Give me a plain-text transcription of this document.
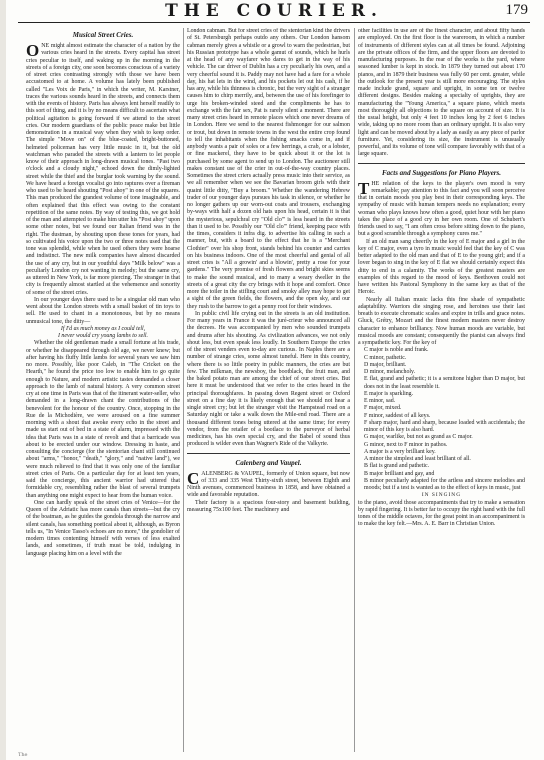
THE COURIER.	179
Musical Street Cries.

ONE might almost estimate the character of a nation by the various cries heard in the streets. Every capital has street cries peculiar to itself, and waking up in the morning in the streets of a foreign city, one soon becomes conscious of a variety of street cries contrasting strongly with those we have been accustomed to at home. A volume has lately been published called "Les Voix de Paris," in which the writer, M. Karstner, traces the various sounds heard in the streets, and connects them with the events of history. Paris has always lent herself readily to this sort of thing, and it is by no means difficult to ascertain what political agitation is going forward if we attend to the street cries. Our modern guardians of the public peace make but little demonstration in a musical way when they wish to keep order. The simple "Move on" of the blue-coated, bright-buttoned, helmeted policeman has very little music in it, but the old watchman who paraded the streets with a lantern to let people know of their approach in long-drawn musical tones. "Past two o'clock and a cloudy night," echoed down the dimly-lighted street while the thief and the burglar took warning by the sound. We have heard a foreign vocalist go into raptures over a fireman who used to be heard shouting "Post ahoy" in one of the squares. This man produced the grandest volume of tone imaginable, and often explained that this effect was owing to the constant repetition of the same notes. By way of testing this, we got hold of the man and attempted to make him utter his "Post ahoy" upon some other notes, but we found our Italian friend was in the right. The dustman, by shouting upon these tones for years, had so cultivated his voice upon the two or three notes used that the tone was splendid, while when he used others they were hoarse and indistinct. The new milk companies have almost discarded the use of any cry, but in our youthful days "Milk below" was a peculiarly London cry not wanting in melody; but the same cry, as uttered in New York, is far more piercing. The stranger in that city is frequently almost startled at the vehemence and sonority of some of the street cries.

In our younger days there used to be a singular old man who went about the London streets with a small basket of tin toys to sell. He used to chant in a monotonous, but by no means unmusical tone, the ditty—

If I'd as much money as I could tell,

I never would cry young lambs to sell.

Whether the old gentleman made a small fortune at his trade, or whether he disappeared through old age, we never knew; but after having his fluffy little lambs for several years we saw him no more. Possibly, like poor Caleb, in "The Cricket on the Hearth," he found the price too low to enable him to go quite enough to Nature, and modern artistic tastes demanded a closer approach to the lamb of natural history. A very common street cry at one time in Paris was that of the itinerant water-seller, who demanded in a long-drawn chant the contributions of the benevolent for the honour of the country. Once, stopping in the Rue de la Michodière, we were aroused on a fine summer morning with a shout that awoke every echo in the street and made us start out of bed in a state of alarm, impressed with the idea that Paris was in a state of revolt and that a barricade was about to be erected under our window. Dressing in haste, and consulting the concierge (for the stentorian chant still continued about "arms," "honor," "death," "glory," and "native land"), we were much relieved to find that it was only one of the familiar street cries of Paris. On a particular day for at least ten years, said the concierge, this ancient warrior had uttered that formidable cry, resembling rather the blast of several trumpets than anything one might expect to hear from the human voice.

One can hardly speak of the street cries of Venice—for the Queen of the Adriatic has more canals than streets—but the cry of the boatman, as he guides the gondola through the narrow and silent canals, has something poetical about it, although, as Byron tells us, "In Venice Tasso's echoes are no more," the gondolier of modern times contenting himself with verses of less exalted lands, and sometimes, if truth must be told, indulging in language placing him on a level with the

London cabman. But for street cries of the stentorian kind the drivers of St. Petersburgh perhaps outdo any others. Our London hansom cabman merely gives a whistle or a growl to warn the pedestrian, but his Russian prototype has a whole gamut of sounds, which he hurls at the head of any wayfarer who dares to get in the way of his vehicle. The car driver of Dublin has a cry peculiarly his own, and a very cheerful sound it is. Paddy may not have had a fare for a whole day, his hat lets in the wind, and his pockets let out his cash, if he has any, while his thinness is chronic, but the very sight of a stranger causes him to chirp merrily, and, between the use of his forefinger to urge his broken-winded steed and the compliments he has to exchange with the fair sex, Pat is rarely silent a moment. There are many street cries heard in remote places which one never dreams of in London. Here we send to the nearest fishmonger for our salmon or trout, but down in remote towns in the west the entire crop found to tell the inhabitants when the fishing smacks come in, and if anybody wants a pair of soles or a few herrings, a crab, or a lobster, or fine mackerel, they have to be quick about it or the lot is purchased by some agent to send up to London. The auctioneer still makes constant use of the crier in out-of-the-way country places. Sometimes the street criers actually press music into their service, as we all remember when we see the Bavarian broom girls with their quaint little ditty, "Buy a broom." Whether the wandering Hebrew trader of our younger days pursues his task in silence, or whether he no longer gathers up our worn-out coats and trousers, exchanging by-ways with half a dozen old hats upon his head, certain it is that the mysterious, sepulchral cry "Old clo'" is less heard in the streets than it used to be. Possibly our "Old clo'" friend, keeping pace with the times, considers it infra dig. to advertise his calling in such a manner, but, with a board to the effect that he is a "Merchant Clothier" over his shop front, stands behind his counter and carries on his business indoors. One of the most cheerful and genial of all street cries is "All a growin' and a blowin', pretty a rose for your gardens." The very promise of fresh flowers and bright skies seems to make the sound musical, and to many a weary dweller in the streets of a great city the cry brings with it hope and comfort. Once more the toiler in the stifling court and smoky alley may hope to get a sight of the green fields, the flowers, and the open sky, and our they rush to the barrow to get a penny root for their windows.

In public civil life crying out in the streets is an old institution. For many years in France it was the juré-crieur who announced all the decrees. He was accompanied by men who sounded trumpets and drums after his shouting. As civilization advances, we not only shout less, but even speak less loudly. In Southern Europe the cries of the street venders even to-day are curious. In Naples there are a number of strange cries, some almost tuneful. Here in this country, where there is so little poetry in public manners, the cries are but few. The milkman, the newsboy, the bootblack, the fruit man, and the baked potato man are among the chief of our street cries. But here it must be understood that we refer to the cries heard in the principal thoroughfares. In passing down Regent street or Oxford street on a fine day it is likely enough that we should not hear a single street cry; but let the stranger visit the Hampstead road on a Saturday night or take a walk down the Mile-end road. There are a thousand different tones being uttered at the same time; for every vendor, from the retailer of a bootlace to the purveyor of herbal medicines, has his own special cry, and the Babel of sound thus produced is wilder even than Wagner's Ride of the Valkyrie.

Calenberg and Vaupel.

CALENBERG & VAUPEL, formerly of Union square, but now of 333 and 335 West Thirty-sixth street, between Eighth and Ninth avenues, commenced business in 1858, and have obtained a wide and favorable reputation.

Their factory is a spacious four-story and basement building, measuring 75x100 feet. The machinery and

other facilities in use are of the finest character, and about fifty hands are employed. On the first floor is the wareroom, in which a number of instruments of different styles can at all times be found. Adjoining are the private offices of the firm, and the upper floors are devoted to manufacturing purposes. In the rear of the works is the yard, where seasoned lumber is kept in stock. In 1879 they turned out about 170 pianos, and in 1879 their business was fully 60 per cent. greater, while the outlook for the present year is still more encouraging. The styles made include grand, square and upright, in some ten or twelve different designs. Besides making a specialty of uprights, they are manufacturing the "Young America," a square piano, which meets most thoroughly all objections to the square on account of size. It is the usual height, but only 4 feet 10 inches long by 2 feet 6 inches wide, taking up no more room than an ordinary upright. It is also very light and can be moved about by a lady as easily as any piece of parlor furniture. Yet, considering its size, the instrument is unusually powerful, and its volume of tone will compare favorably with that of a large square.

Facts and Suggestions for Piano Players.

THE relation of the keys to the player's own mood is very remarkable; pay attention to this fact and you will soon perceive that in certain moods you play best in their corresponding keys. The sympathy of music with human tempers needs no explanation; every woman who plays knows how often a good, quiet hour with her piano takes the place of a good cry in her own room. One of Schubert's friends used to say, "I am often cross before sitting down to the piano, but a good scramble through a symphony cures me."

If an old man sang cheerily in the key of E major and a girl in the key of C major, even a tyro in music would feel that the key of C was better adapted to the old man and that of E to the young girl; and if a lover began to sing in the key of E flat we should certainly expect this ditty to end in a calamity. The works of the greatest masters are examples of this regard to the mood of keys. Beethoven could not have written his Pastoral Symphony in the same key as that of the Heroic.

Nearly all Italian music lacks this fine shade of sympathetic adaptability. Warriors die singing rose, and heroines use their last breath to execute chromatic scales and expire in trills and grace notes. Gluck, Grétry, Mozart and the finest modern masters never destroy character to enhance brilliancy. Now human moods are variable, but musical moods are constant; consequently the pianist can always find a sympathetic key. For the key of

C major is noble and frank.

C minor, pathetic.

D major, brilliant.

D minor, melancholy.

E flat, grand and pathetic; it is a semitone higher than D major, but does not in the least resemble it.

E major is sparkling.

E minor, sad.

F major, mixed.

F minor, saddest of all keys.

F sharp major, hard and sharp, because loaded with accidentals; the minor of this key is also hard.

G major, warlike, but not as grand as C major.

G minor, next to F minor in pathos.

A major is a very brilliant key.

A minor the simplest and least brilliant of all.

B flat is grand and pathetic.

B major brilliant and gay, and

B minor peculiarly adapted for the artless and sincere melodies and moods; but if a test is wanted as to the effect of keys in music, just

IN SINGING

to the piano, avoid those accompaniments that try to make a sensation by rapid fingering. It is better far to occupy the right hand with the full tones of the middle octaves, for the great point in an accompaniment is to make the key felt.—Mrs. A. E. Barr in Christian Union.

The
